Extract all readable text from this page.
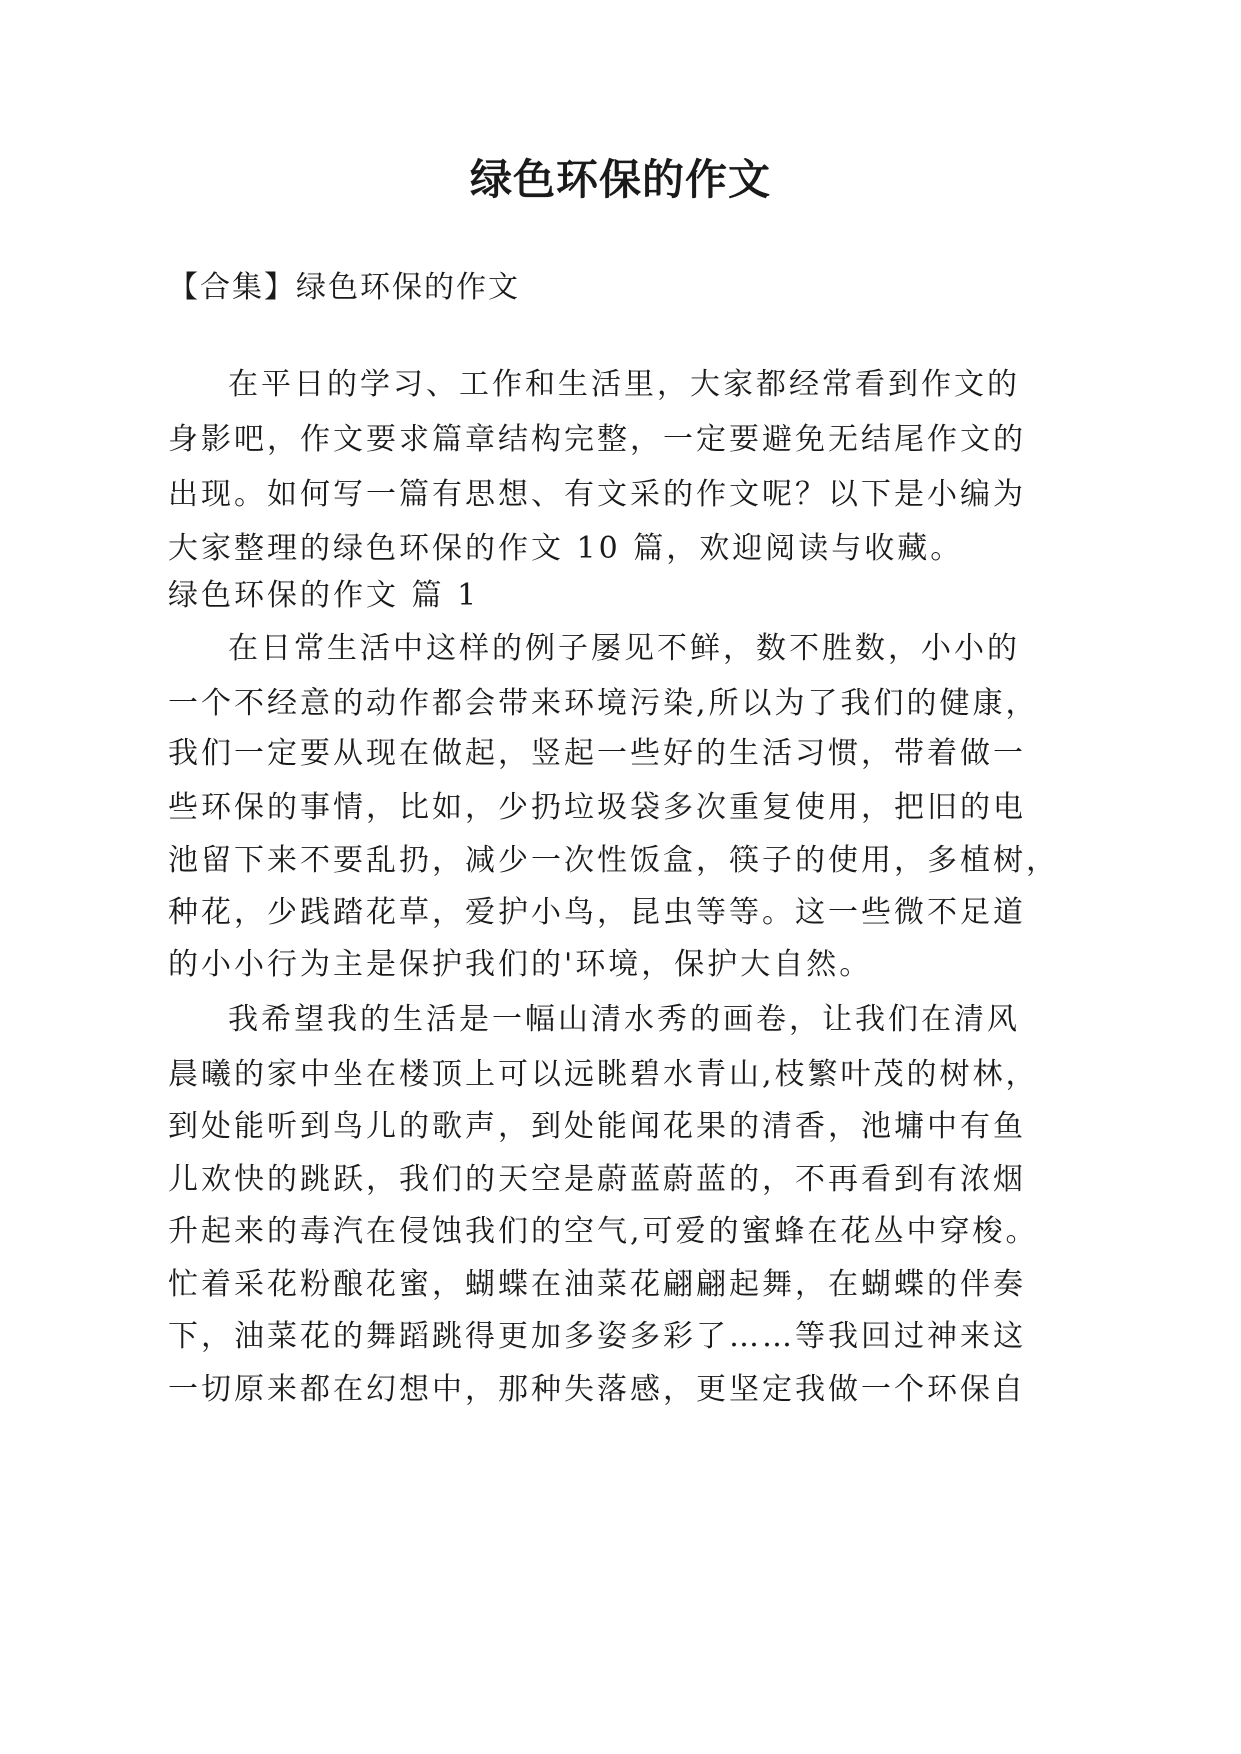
绿色环保的作文
【合集】绿色环保的作文
在平日的学习、工作和生活里，大家都经常看到作文的
身影吧，作文要求篇章结构完整，一定要避免无结尾作文的
出现。如何写一篇有思想、有文采的作文呢？以下是小编为
大家整理的绿色环保的作文 10 篇，欢迎阅读与收藏。
绿色环保的作文 篇 1
在日常生活中这样的例子屡见不鲜，数不胜数，小小的
一个不经意的动作都会带来环境污染,所以为了我们的健康，
我们一定要从现在做起，竖起一些好的生活习惯，带着做一
些环保的事情，比如，少扔垃圾袋多次重复使用，把旧的电
池留下来不要乱扔，减少一次性饭盒，筷子的使用，多植树，
种花，少践踏花草，爱护小鸟，昆虫等等。这一些微不足道
的小小行为主是保护我们的'环境，保护大自然。
我希望我的生活是一幅山清水秀的画卷，让我们在清风
晨曦的家中坐在楼顶上可以远眺碧水青山,枝繁叶茂的树林，
到处能听到鸟儿的歌声，到处能闻花果的清香，池墉中有鱼
儿欢快的跳跃，我们的天空是蔚蓝蔚蓝的，不再看到有浓烟
升起来的毒汽在侵蚀我们的空气,可爱的蜜蜂在花丛中穿梭。
忙着采花粉酿花蜜，蝴蝶在油菜花翩翩起舞，在蝴蝶的伴奏
下，油菜花的舞蹈跳得更加多姿多彩了……等我回过神来这
一切原来都在幻想中，那种失落感，更坚定我做一个环保自
